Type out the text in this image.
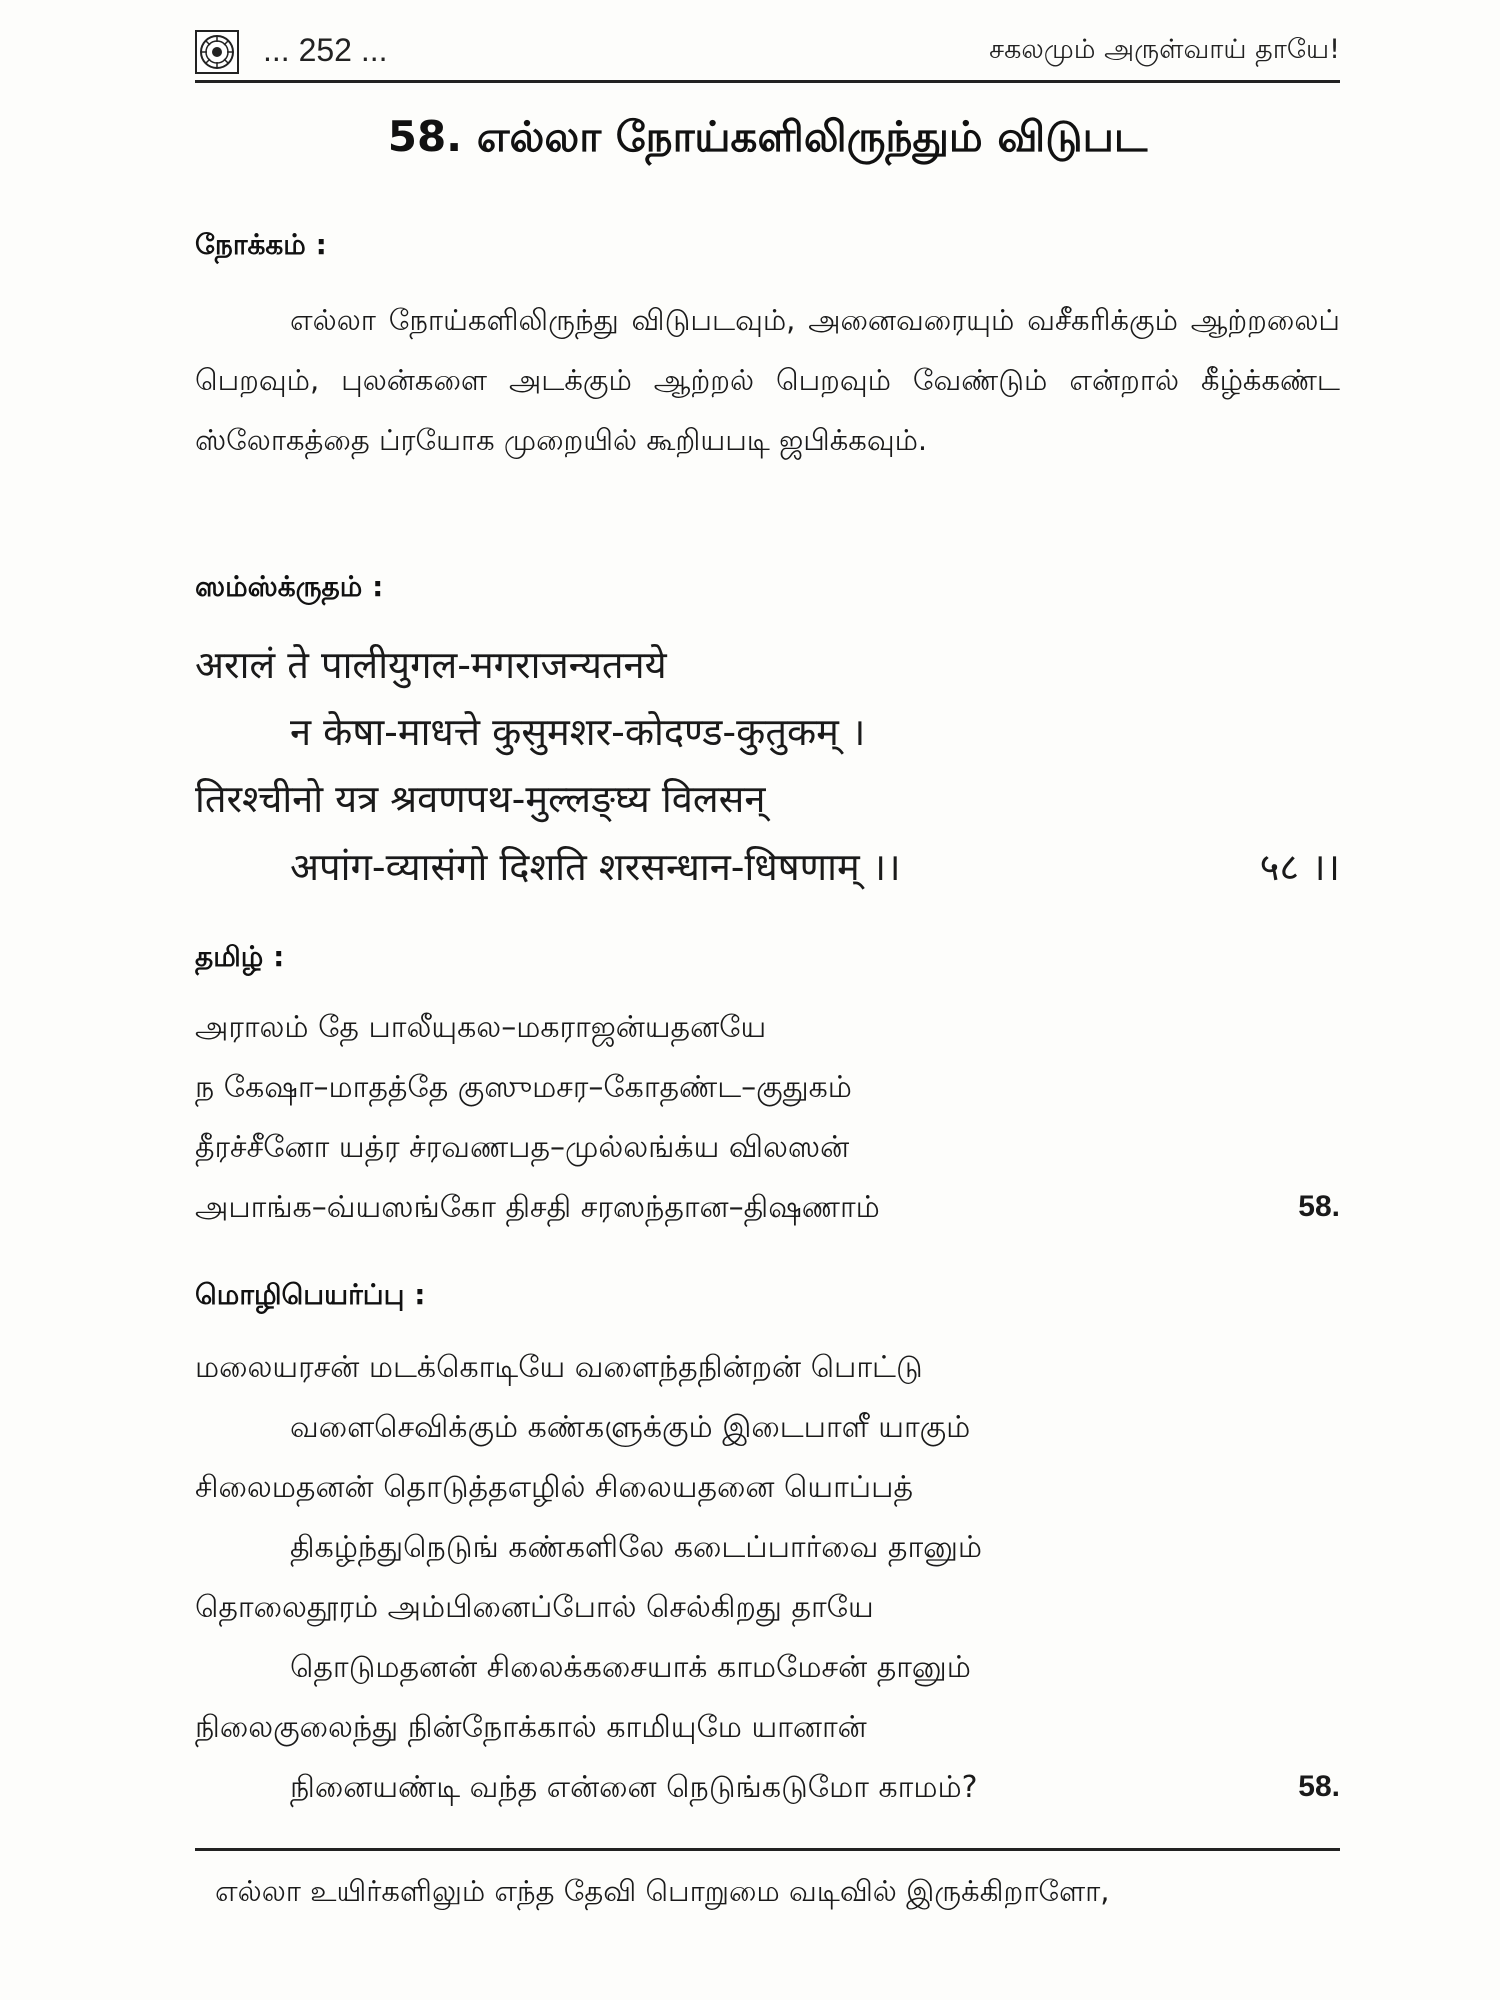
... 252 ...	சகலமும் அருள்வாய் தாயே!
58. எல்லா நோய்களிலிருந்தும் விடுபட
நோக்கம் :
எல்லா நோய்களிலிருந்து விடுபடவும், அனைவரையும் வசீகரிக்கும் ஆற்றலைப் பெறவும், புலன்களை அடக்கும் ஆற்றல் பெறவும் வேண்டும் என்றால் கீழ்க்கண்ட ஸ்லோகத்தை ப்ரயோக முறையில் கூறியபடி ஜபிக்கவும்.
ஸம்ஸ்க்ருதம் :
अरालं ते पालीयुगल-मगराजन्यतनये
न केषा-माधत्ते कुसुमशर-कोदण्ड-कुतुकम् ।
तिरश्चीनो यत्र श्रवणपथ-मुल्लङ्घ्य विलसन्
अपांग-व्यासंगो दिशति शरसन्धान-धिषणाम् ।।	५८ ।।
தமிழ் :
அராலம் தே பாலீயுகல–மகராஜன்யதனயே
ந கேஷா–மாதத்தே குஸுமசர–கோதண்ட–குதுகம்
தீரச்சீனோ யத்ர ச்ரவணபத–முல்லங்க்ய விலஸன்
அபாங்க–வ்யஸங்கோ திசதி சரஸந்தான–திஷணாம்	58.
மொழிபெயர்ப்பு :
மலையரசன் மடக்கொடியே வளைந்தநின்றன் பொட்டு
வளைசெவிக்கும் கண்களுக்கும் இடைபாளீ யாகும்
சிலைமதனன் தொடுத்தஎழில் சிலையதனை யொப்பத்
திகழ்ந்துநெடுங் கண்களிலே கடைப்பார்வை தானும்
தொலைதூரம் அம்பினைப்போல் செல்கிறது தாயே
தொடுமதனன் சிலைக்கசையாக் காமமேசன் தானும்
நிலைகுலைந்து நின்நோக்கால் காமியுமே யானான்
நினையண்டி வந்த என்னை நெடுங்கடுமோ காமம்?	58.
எல்லா உயிர்களிலும் எந்த தேவி பொறுமை வடிவில் இருக்கிறாளோ,
